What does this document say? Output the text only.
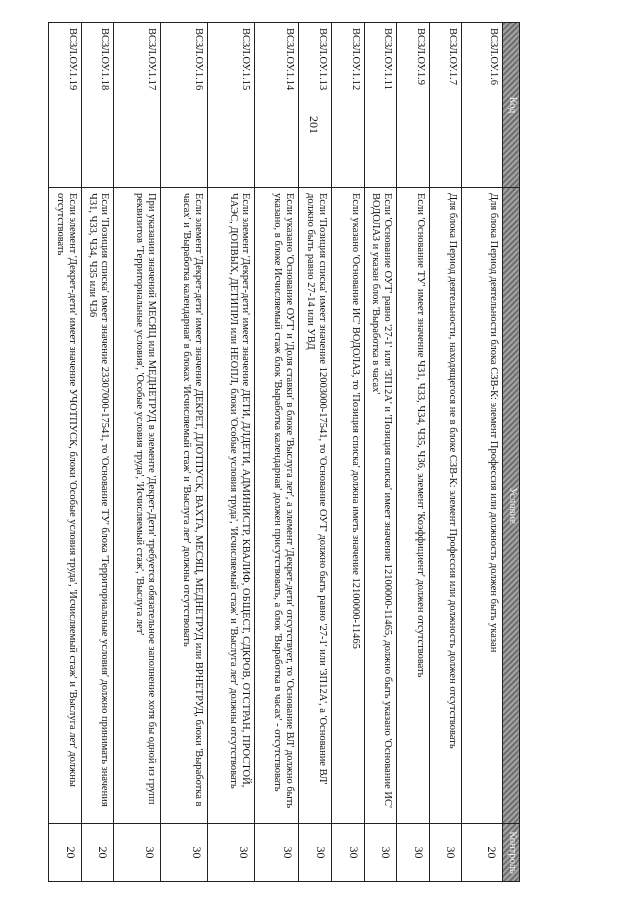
201
Код	Условие	Контроль
ВСЗЛ.ОУ.1.6	Для блока Период деятельности блока СЗВ-К: элемент Профессия или должность должен быть указан	20
ВСЗЛ.ОУ.1.7	Для блока Период деятельности, находящегося не в блоке СЗВ-К: элемент Профессия или должность должен отсутствовать	30
ВСЗЛ.ОУ.1.9	Если 'Основание ТУ' имеет значение Ч31, Ч33, Ч34, Ч35, Ч36, элемент 'Коэффициент' должен отсутствовать	30
ВСЗЛ.ОУ.1.11	Если 'Основание ОУТ' равно '27-1' или 'ЗП12А' и 'Позиция списка' имеет значение 12100000-11465, должно быть указано 'Основание ИС' ВОДОЛАЗ и указан блок 'Выработка в часах'	30
ВСЗЛ.ОУ.1.12	Если указано 'Основание ИС' ВОДОЛАЗ, то 'Позиция списка' должна иметь значение 12100000-11465	30
ВСЗЛ.ОУ.1.13	Если 'Позиция списка' имеет значение 12003000-17541, то 'Основание ОУТ' должно быть равно '27-1' или 'ЗП12А', а 'Основание ВЛ' должно быть равно 27-14 или УВД	30
ВСЗЛ.ОУ.1.14	Если указано 'Основание ОУТ' и 'Доля ставки' в блоке 'Выслуга лет', а элемент 'Декрет-дети' отсутствует, то 'Основание ВЛ' должно быть указано, в блоке Исчисляемый стаж блок 'Выработка календарная' должен присутствовать, а блок 'Выработка в часах' - отсутствовать	30
ВСЗЛ.ОУ.1.15	Если элемент 'Декрет-дети' имеет значение ДЕТИ, ДЛДЕТИ, АДМИНИСТР, КВАЛИФ, ОБЩЕСТ, СДКРОВ, ОТСТРАН, ПРОСТОЙ, ЧАЭС, ДОПВЫХ, ДЕТИПРЛ или НЕОПЛ, блоки 'Особые условия труда', 'Исчисляемый стаж' и 'Выслуга лет' должны отсутствовать	30
ВСЗЛ.ОУ.1.16	Если элемент 'Декрет-дети' имеет значение ДЕКРЕТ, ДЛОТПУСК, ВАХТА, МЕСЯЦ, МЕДНЕТРУД или ВРНЕТРУД, блоки 'Выработка в часах' и 'Выработка календарная' в блоках 'Исчисляемый стаж' и 'Выслуга лет' должны отсутствовать	30
ВСЗЛ.ОУ.1.17	При указании значений МЕСЯЦ или МЕДНЕТРУД в элементе 'Декрет-Дети' требуется обязательное заполнение хотя бы одной из групп реквизитов 'Территориальные условия', 'Особые условия труда', 'Исчисляемый стаж', 'Выслуга лет'	30
ВСЗЛ.ОУ.1.18	Если 'Позиция списка' имеет значение 23307000-17541, то 'Основание ТУ' блока 'Территориальные условия' должно принимать значения Ч31, Ч33, Ч34, Ч35 или Ч36	20
ВСЗЛ.ОУ.1.19	Если элемент 'Декрет-дети' имеет значение УЧОТПУСК, блоки 'Особые условия труда', 'Исчисляемый стаж' и 'Выслуга лет' должны отсутствовать	20
